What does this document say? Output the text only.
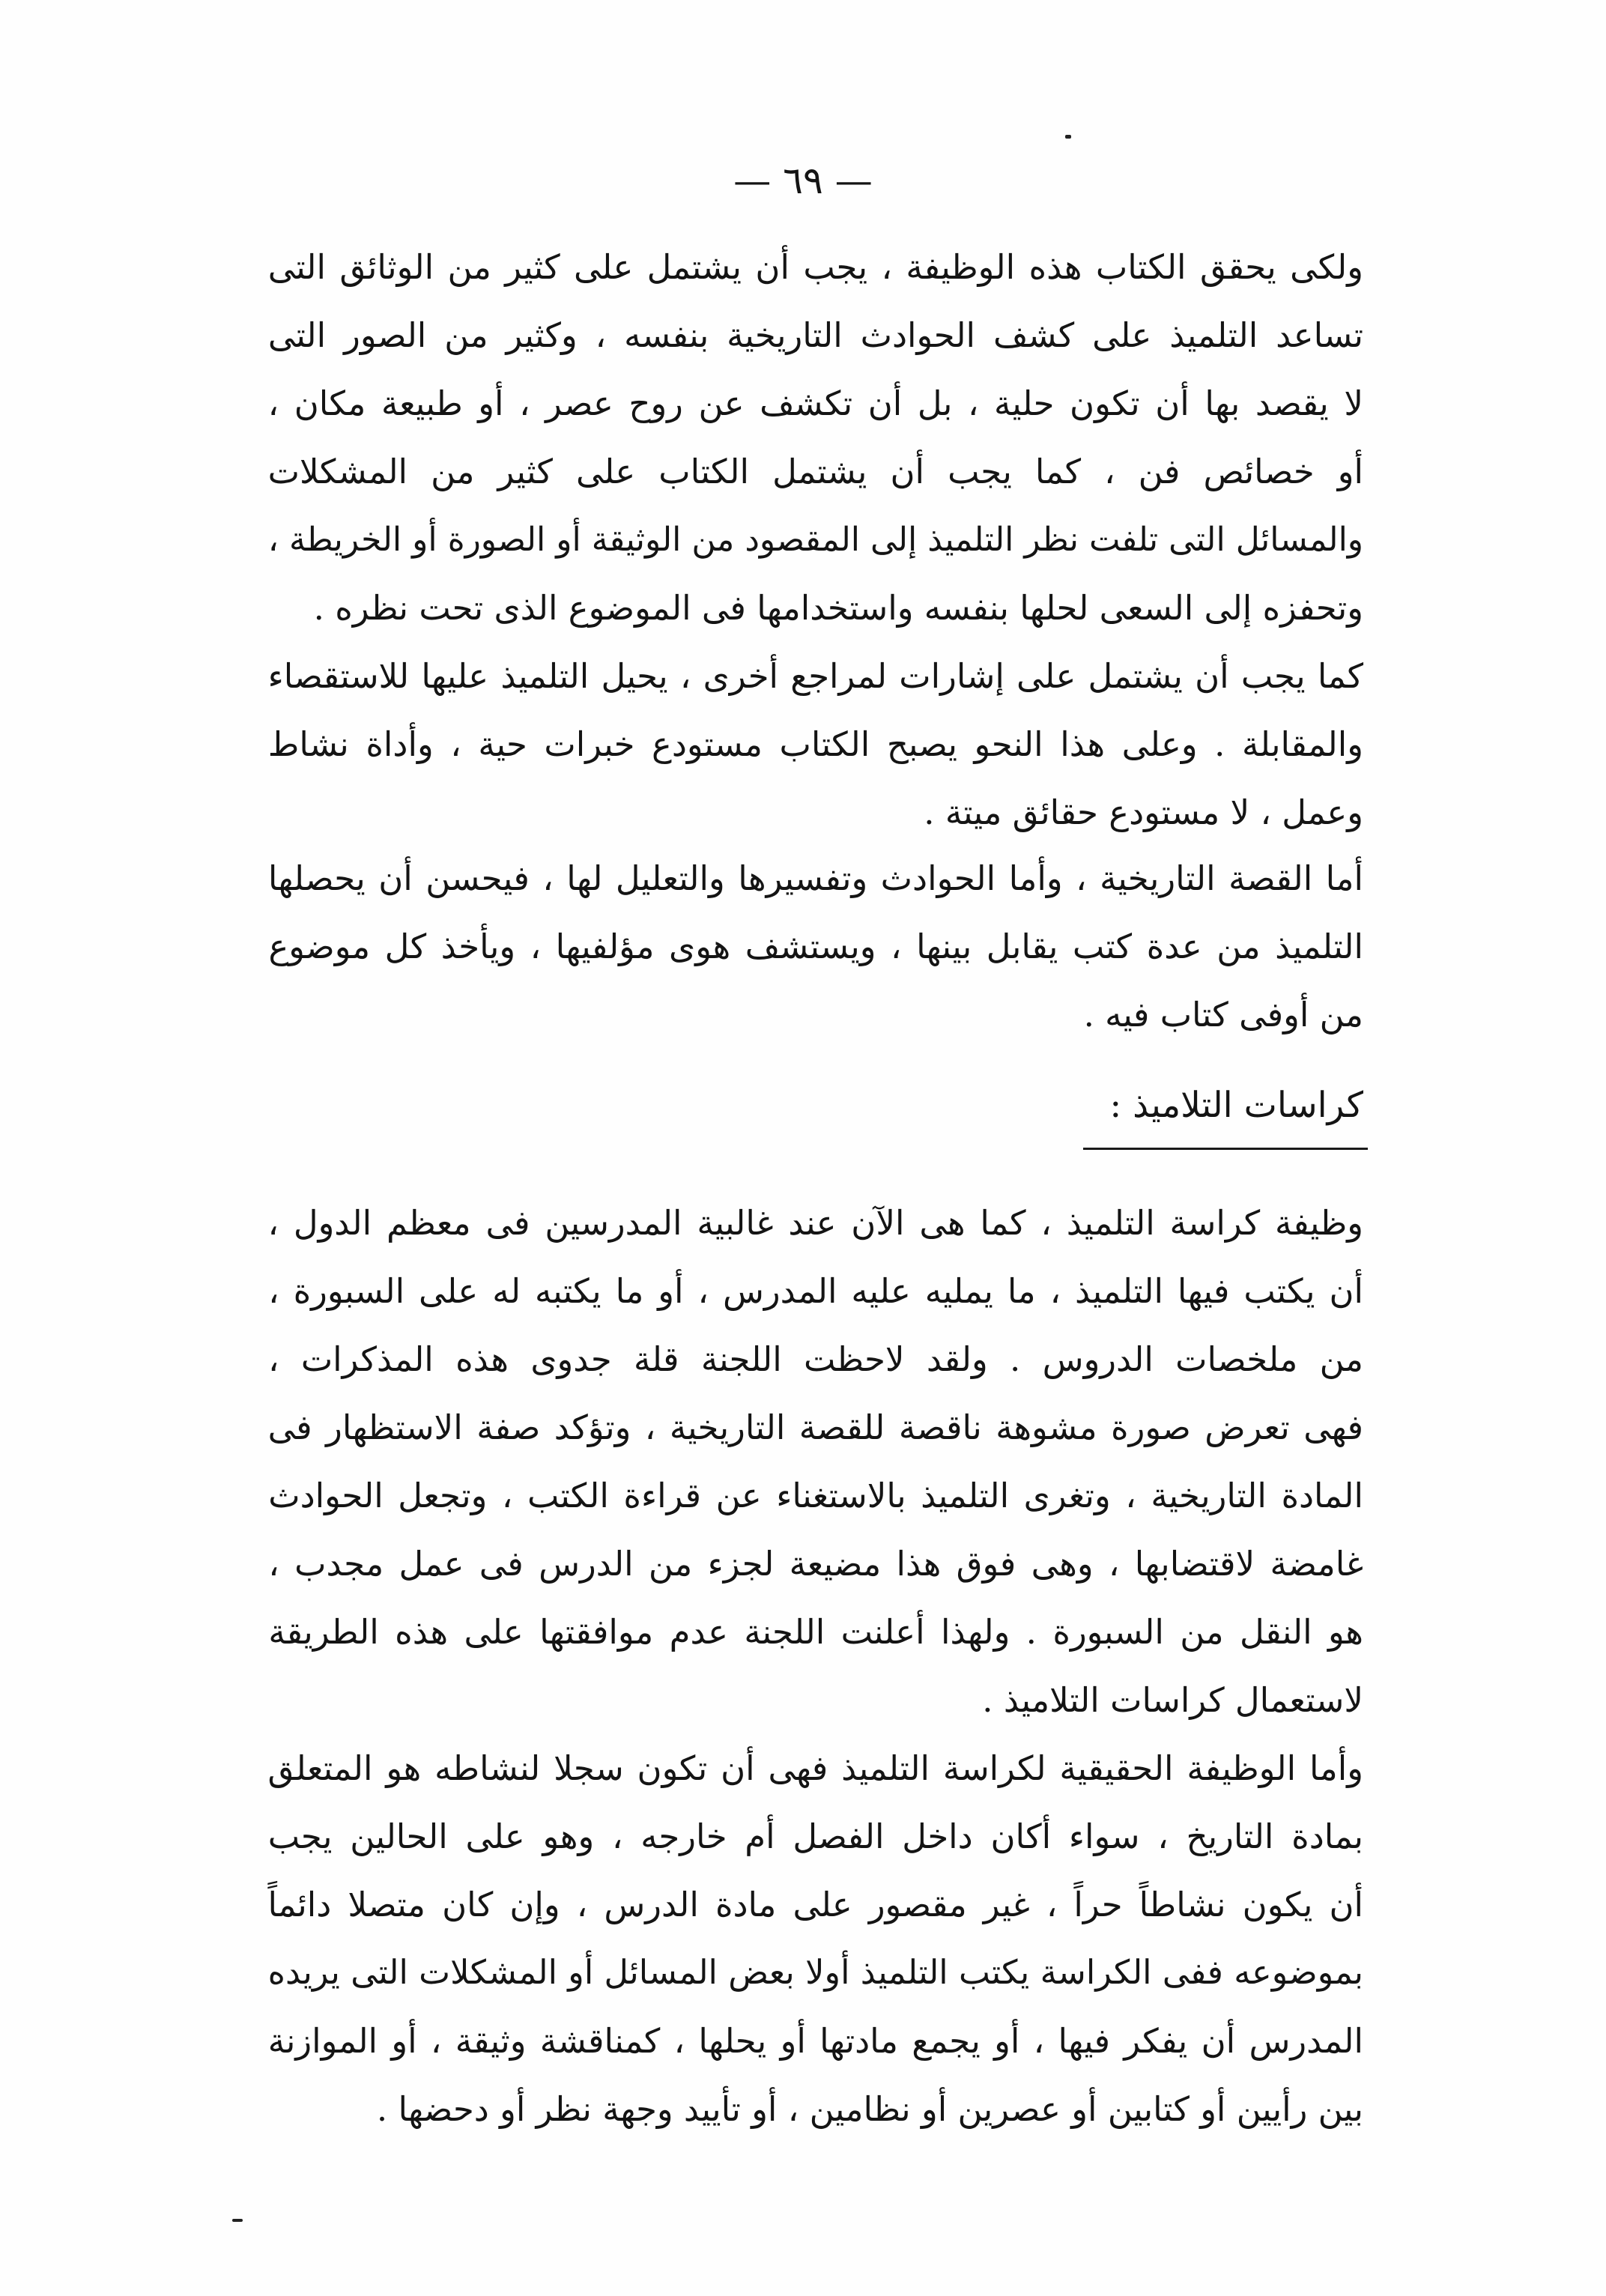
— ٦٩ —
ولكى يحقق الكتاب هذه الوظيفة ، يجب أن يشتمل على كثير من الوثائق التى
تساعد التلميذ على كشف الحوادث التاريخية بنفسه ، وكثير من الصور التى
لا يقصد بها أن تكون حلية ، بل أن تكشف عن روح عصر ، أو طبيعة مكان ،
أو خصائص فن ، كما يجب أن يشتمل الكتاب على كثير من المشكلات
والمسائل التى تلفت نظر التلميذ إلى المقصود من الوثيقة أو الصورة أو الخريطة ،
وتحفزه إلى السعى لحلها بنفسه واستخدامها فى الموضوع الذى تحت نظره .
كما يجب أن يشتمل على إشارات لمراجع أخرى ، يحيل التلميذ عليها للاستقصاء
والمقابلة . وعلى هذا النحو يصبح الكتاب مستودع خبرات حية ، وأداة نشاط
وعمل ، لا مستودع حقائق ميتة .
أما القصة التاريخية ، وأما الحوادث وتفسيرها والتعليل لها ، فيحسن أن يحصلها
التلميذ من عدة كتب يقابل بينها ، ويستشف هوى مؤلفيها ، ويأخذ كل موضوع
من أوفى كتاب فيه .
كراسات التلاميذ :
وظيفة كراسة التلميذ ، كما هى الآن عند غالبية المدرسين فى معظم الدول ،
أن يكتب فيها التلميذ ، ما يمليه عليه المدرس ، أو ما يكتبه له على السبورة ،
من ملخصات الدروس . ولقد لاحظت اللجنة قلة جدوى هذه المذكرات ،
فهى تعرض صورة مشوهة ناقصة للقصة التاريخية ، وتؤكد صفة الاستظهار فى
المادة التاريخية ، وتغرى التلميذ بالاستغناء عن قراءة الكتب ، وتجعل الحوادث
غامضة لاقتضابها ، وهى فوق هذا مضيعة لجزء من الدرس فى عمل مجدب ،
هو النقل من السبورة . ولهذا أعلنت اللجنة عدم موافقتها على هذه الطريقة
لاستعمال كراسات التلاميذ .
وأما الوظيفة الحقيقية لكراسة التلميذ فهى أن تكون سجلا لنشاطه هو المتعلق
بمادة التاريخ ، سواء أكان داخل الفصل أم خارجه ، وهو على الحالين يجب
أن يكون نشاطاً حراً ، غير مقصور على مادة الدرس ، وإن كان متصلا دائماً
بموضوعه ففى الكراسة يكتب التلميذ أولا بعض المسائل أو المشكلات التى يريده
المدرس أن يفكر فيها ، أو يجمع مادتها أو يحلها ، كمناقشة وثيقة ، أو الموازنة
بين رأيين أو كتابين أو عصرين أو نظامين ، أو تأييد وجهة نظر أو دحضها .
